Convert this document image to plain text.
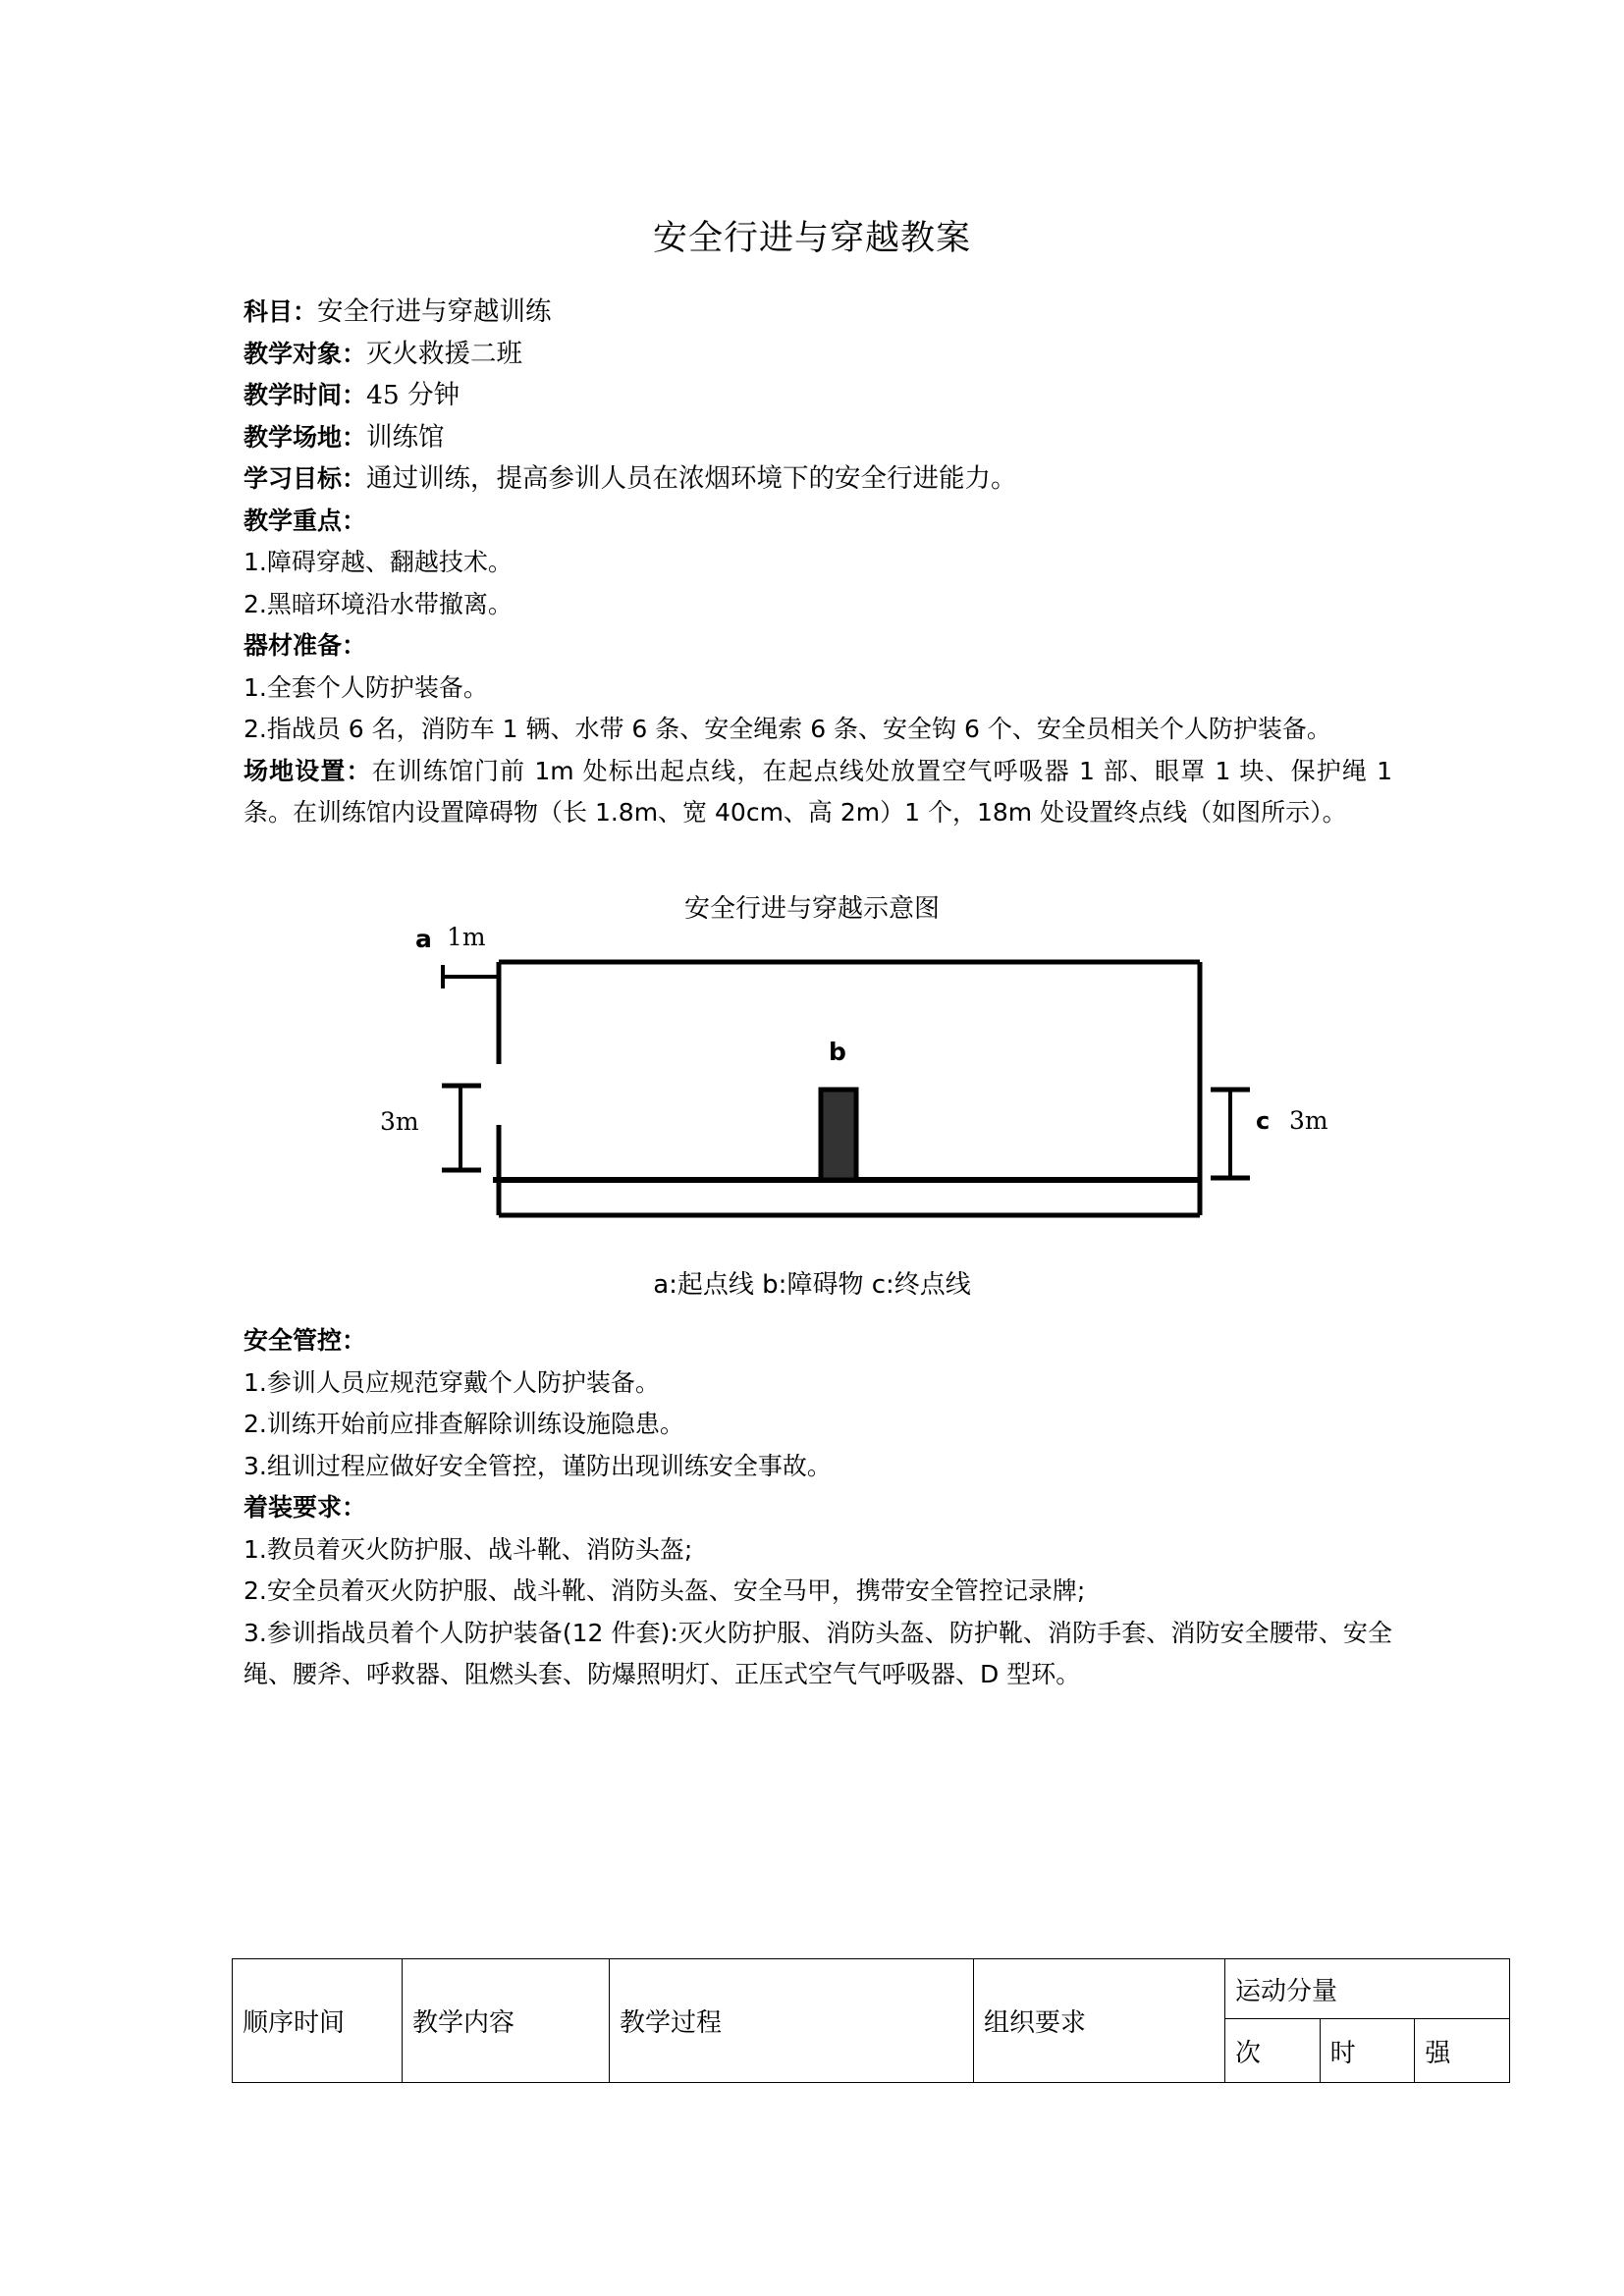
安全行进与穿越教案
科目：安全行进与穿越训练
教学对象：灭火救援二班
教学时间：45 分钟
教学场地：训练馆
学习目标：通过训练，提高参训人员在浓烟环境下的安全行进能力。
教学重点：
1.障碍穿越、翻越技术。
2.黑暗环境沿水带撤离。
器材准备：
1.全套个人防护装备。
2.指战员 6 名，消防车 1 辆、水带 6 条、安全绳索 6 条、安全钩 6 个、安全员相关个人防护装备。
场地设置：在训练馆门前 1m 处标出起点线，在起点线处放置空气呼吸器 1 部、眼罩 1 块、保护绳 1 条。在训练馆内设置障碍物（长 1.8m、宽 40cm、高 2m）1 个，18m 处设置终点线（如图所示）。
安全行进与穿越示意图
a 1m
3m
b
c 3m
a:起点线 b:障碍物 c:终点线
安全管控：
1.参训人员应规范穿戴个人防护装备。
2.训练开始前应排查解除训练设施隐患。
3.组训过程应做好安全管控，谨防出现训练安全事故。
着装要求：
1.教员着灭火防护服、战斗靴、消防头盔;
2.安全员着灭火防护服、战斗靴、消防头盔、安全马甲，携带安全管控记录牌;
3.参训指战员着个人防护装备(12 件套):灭火防护服、消防头盔、防护靴、消防手套、消防安全腰带、安全绳、腰斧、呼救器、阻燃头套、防爆照明灯、正压式空气气呼吸器、D 型环。
顺序时间	教学内容	教学过程	组织要求	运动分量		
				次	时	强
